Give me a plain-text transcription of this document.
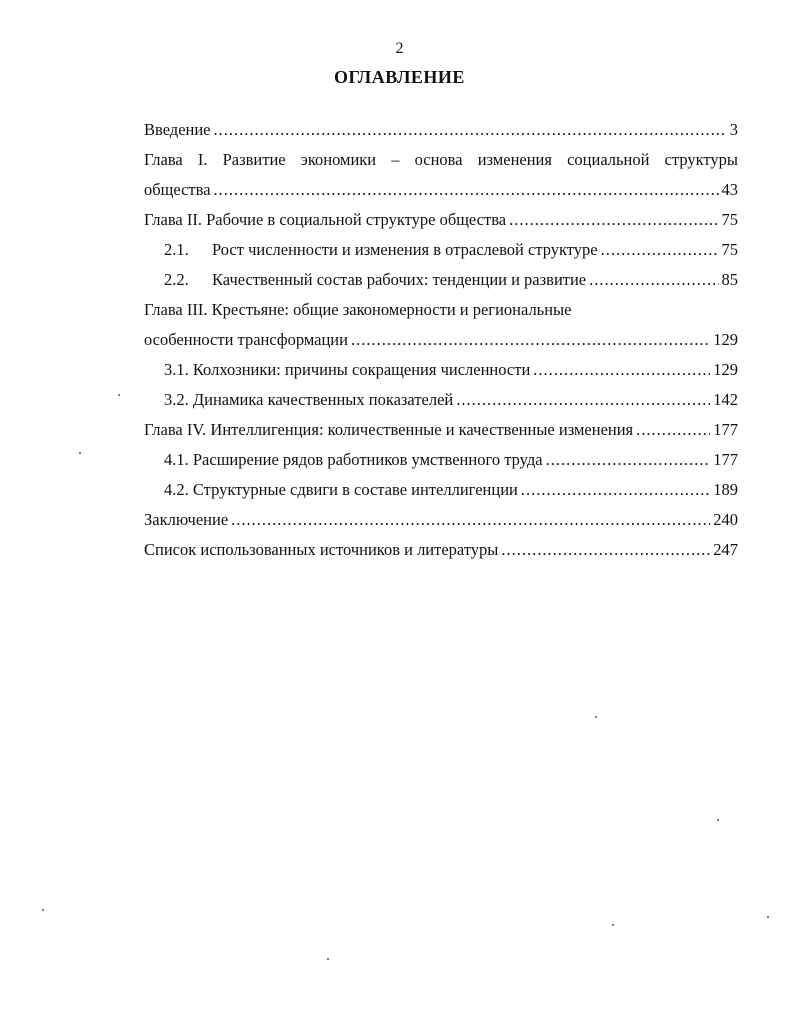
2
ОГЛАВЛЕНИЕ
Введение .....	3
Глава I. Развитие экономики – основа изменения социальной структуры
общества .....	43
Глава II. Рабочие в социальной структуре общества .....	75
2.1.	Рост численности и изменения в отраслевой структуре .....	75
2.2.	Качественный состав рабочих: тенденции и развитие .....	85
Глава III. Крестьяне: общие закономерности и региональные
особенности трансформации .....	129
3.1. Колхозники: причины сокращения численности .....	129
3.2. Динамика качественных показателей .....	142
Глава IV. Интеллигенция: количественные и качественные изменения .....	177
4.1. Расширение рядов работников умственного труда .....	177
4.2. Структурные сдвиги в составе интеллигенции .....	189
Заключение .....	240
Список использованных источников и литературы .....	247
